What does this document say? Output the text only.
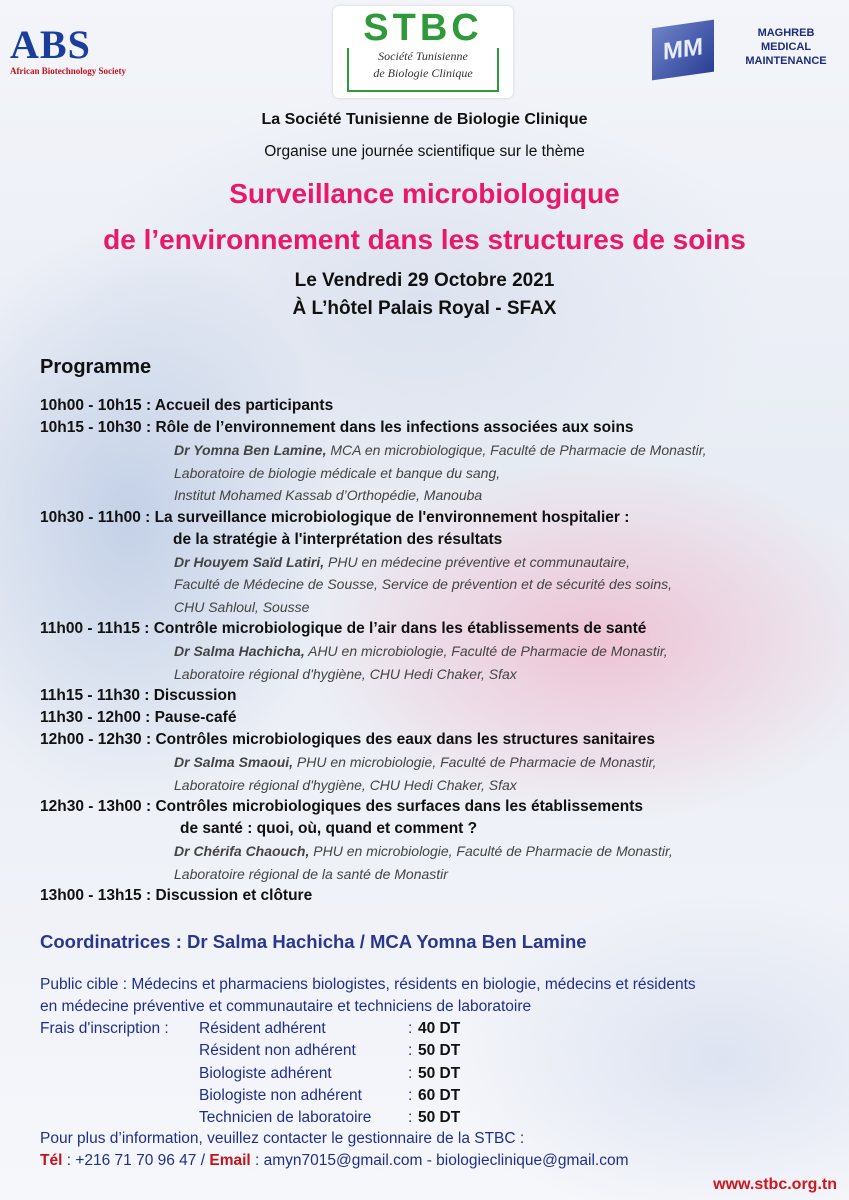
ABS
African Biotechnology Society
STBC
Société Tunisienne
de Biologie Clinique
MM
MAGHREB
MEDICAL
MAINTENANCE
La Société Tunisienne de Biologie Clinique
Organise une journée scientifique sur le thème
Surveillance microbiologique
de l’environnement dans les structures de soins
Le Vendredi 29 Octobre 2021
À L’hôtel Palais Royal - SFAX
Programme
10h00 - 10h15 : Accueil des participants
10h15 - 10h30 : Rôle de l’environnement dans les infections associées aux soins
Dr Yomna Ben Lamine, MCA en microbiologique, Faculté de Pharmacie de Monastir,
Laboratoire de biologie médicale et banque du sang,
Institut Mohamed Kassab d’Orthopédie, Manouba
10h30 - 11h00 : La surveillance microbiologique de l'environnement hospitalier :
de la stratégie à l'interprétation des résultats
Dr Houyem Saïd Latiri, PHU en médecine préventive et communautaire,
Faculté de Médecine de Sousse, Service de prévention et de sécurité des soins,
CHU Sahloul, Sousse
11h00 - 11h15 : Contrôle microbiologique de l’air dans les établissements de santé
Dr Salma Hachicha, AHU en microbiologie, Faculté de Pharmacie de Monastir,
Laboratoire régional d'hygiène, CHU Hedi Chaker, Sfax
11h15 - 11h30 : Discussion
11h30 - 12h00 : Pause-café
12h00 - 12h30 : Contrôles microbiologiques des eaux dans les structures sanitaires
Dr Salma Smaoui, PHU en microbiologie, Faculté de Pharmacie de Monastir,
Laboratoire régional d'hygiène, CHU Hedi Chaker, Sfax
12h30 - 13h00 : Contrôles microbiologiques des surfaces dans les établissements
de santé : quoi, où, quand et comment ?
Dr Chérifa Chaouch, PHU en microbiologie, Faculté de Pharmacie de Monastir,
Laboratoire régional de la santé de Monastir
13h00 - 13h15 : Discussion et clôture
Coordinatrices : Dr Salma Hachicha / MCA Yomna Ben Lamine
Public cible : Médecins et pharmaciens biologistes, résidents en biologie, médecins et résidents
en médecine préventive et communautaire et techniciens de laboratoire
Frais d'inscription : Résident adhérent	: 40 DT
Résident non adhérent	: 50 DT
Biologiste adhérent	: 50 DT
Biologiste non adhérent	: 60 DT
Technicien de laboratoire : 50 DT
Pour plus d’information, veuillez contacter le gestionnaire de la STBC :
Tél : +216 71 70 96 47 / Email : amyn7015@gmail.com - biologieclinique@gmail.com
www.stbc.org.tn
